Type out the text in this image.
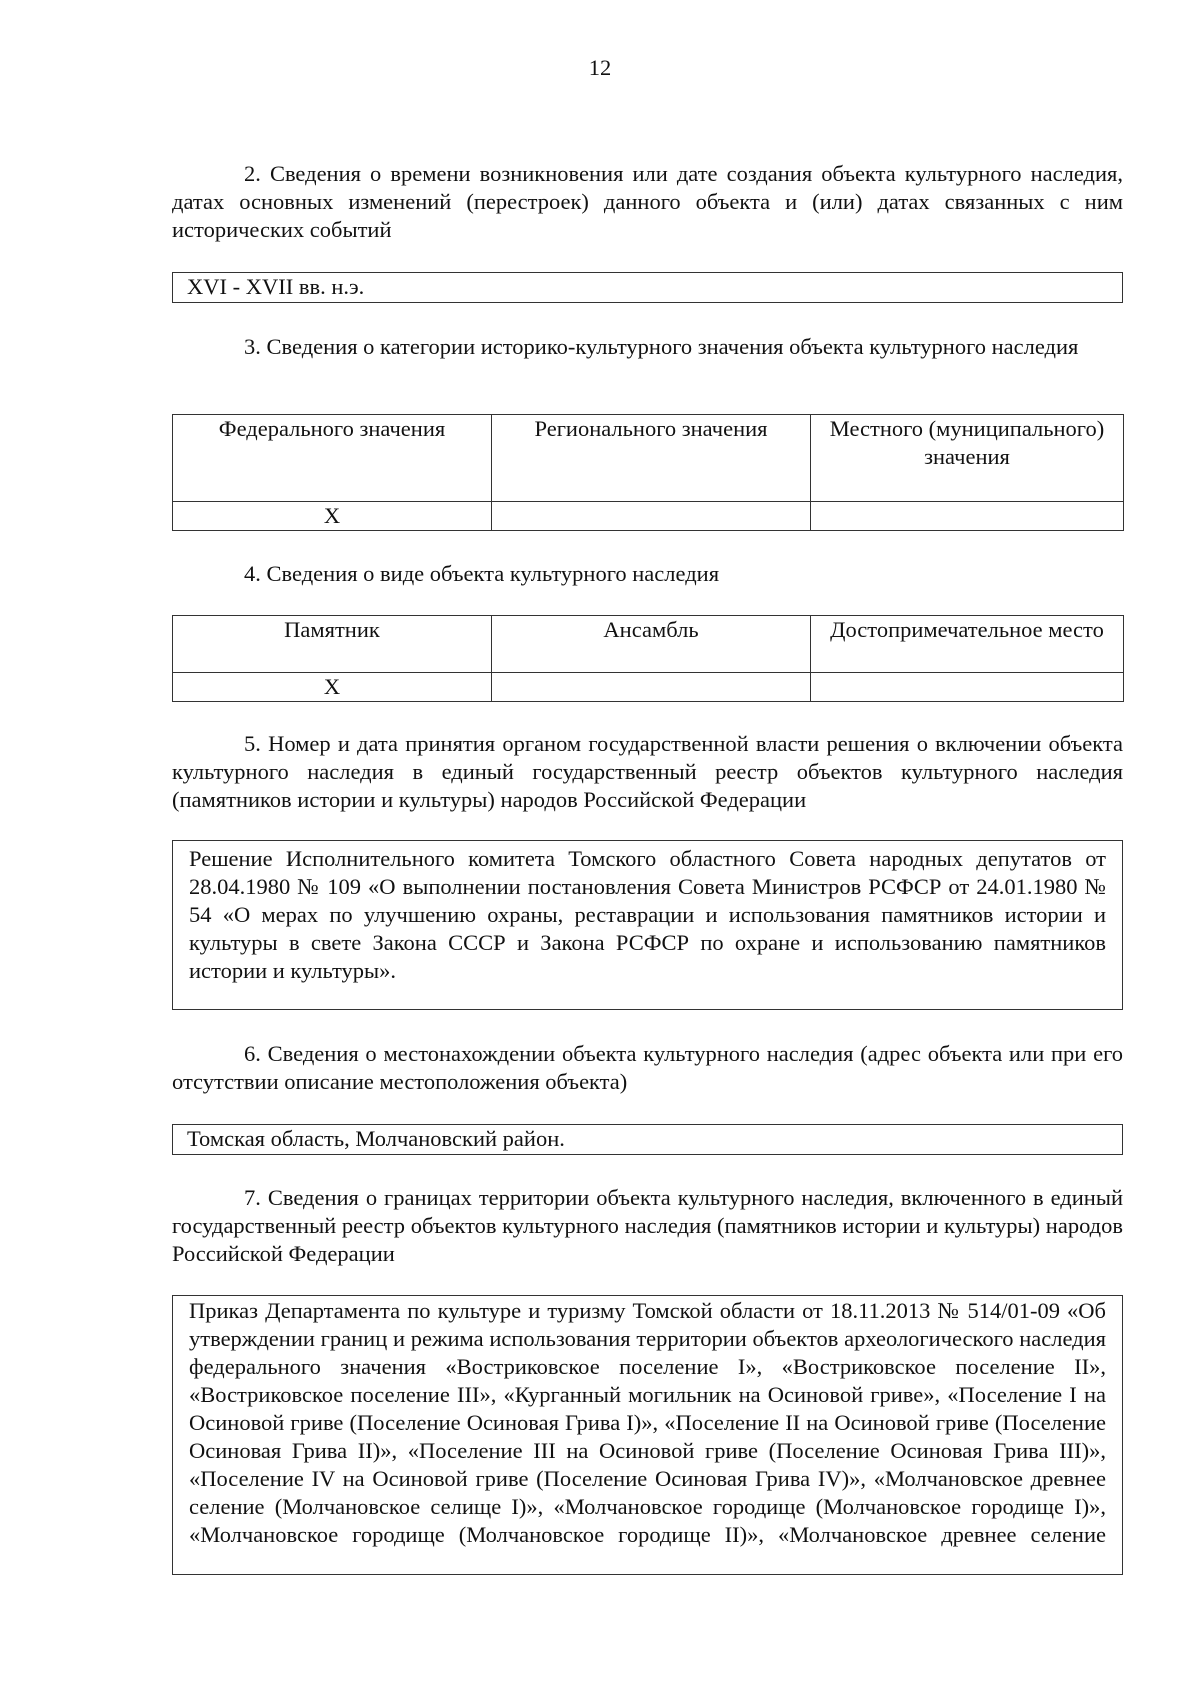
12
2. Сведения о времени возникновения или дате создания объекта культурного наследия, датах основных изменений (перестроек) данного объекта и (или) датах связанных с ним исторических событий
XVI - XVII вв. н.э.
3. Сведения о категории историко-культурного значения объекта культурного наследия
Федерального значения	Регионального значения	Местного (муниципального) значения
X		
4. Сведения о виде объекта культурного наследия
Памятник	Ансамбль	Достопримечательное место
X		
5. Номер и дата принятия органом государственной власти решения о включении объекта культурного наследия в единый государственный реестр объектов культурного наследия (памятников истории и культуры) народов Российской Федерации
Решение Исполнительного комитета Томского областного Совета народных депутатов от 28.04.1980 № 109 «О выполнении постановления Совета Министров РСФСР от 24.01.1980 № 54 «О мерах по улучшению охраны, реставрации и использования памятников истории и культуры в свете Закона СССР и Закона РСФСР по охране и использованию памятников истории и культуры».
6. Сведения о местонахождении объекта культурного наследия (адрес объекта или при его отсутствии описание местоположения объекта)
Томская область, Молчановский район.
7. Сведения о границах территории объекта культурного наследия, включенного в единый государственный реестр объектов культурного наследия (памятников истории и культуры) народов Российской Федерации
Приказ Департамента по культуре и туризму Томской области от 18.11.2013 № 514/01-09 «Об утверждении границ и режима использования территории объектов археологического наследия федерального значения «Востриковское поселение I», «Востриковское поселение II», «Востриковское поселение III», «Курганный могильник на Осиновой гриве», «Поселение I на Осиновой гриве (Поселение Осиновая Грива I)», «Поселение II на Осиновой гриве (Поселение Осиновая Грива II)», «Поселение III на Осиновой гриве (Поселение Осиновая Грива III)», «Поселение IV на Осиновой гриве (Поселение Осиновая Грива IV)», «Молчановское древнее селение (Молчановское селище I)», «Молчановское городище (Молчановское городище I)», «Молчановское городище (Молчановское городище II)», «Молчановское древнее селение
